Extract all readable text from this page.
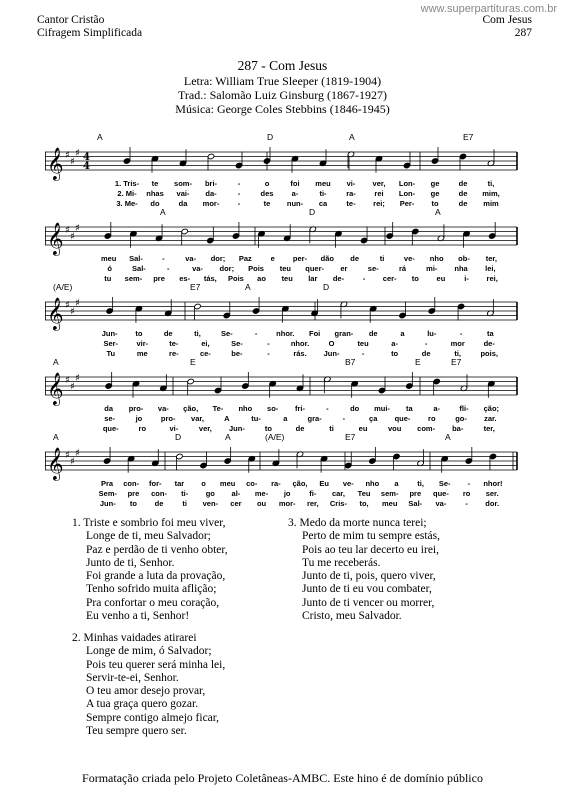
www.superpartituras.com.br
Cantor Cristão
Cifragem Simplificada
Com Jesus
287
287 - Com Jesus
Letra: William True Sleeper (1819-1904)
Trad.: Salomão Luiz Ginsburg (1867-1927)
Música: George Coles Stebbins (1846-1945)
A	D	A	E7
𝄞 ♯
♯
♯ 4
4
1. Tris- te som- bri-	-	o	foi meu vi- ver, Lon- ge	de	ti,
2. Mi- nhas vai- da-	-	des a-	ti-	ra- rei Lon- ge	de mim,
3. Me- do	da mor- -	te nun- ca	te- rei; Per- to	de mim
A	D	A
𝄞 ♯
♯
♯
meu Sal-	-	va- dor; Paz	e per- dão de	ti	ve- nho ob- ter,
ó	Sal-	-	va- dor; Pois teu quer- er	se-	rá	mi- nha lei,
tu sem- pre es- tás, Pois ao teu lar de-	- cer- to eu	i- rei,
(A/E)	E7	A	D
𝄞 ♯
♯
♯
Jun- to	de	ti,	Se-	-	nhor. Foi gran- de	a	lu-	-	ta
Ser- vir-	te-	ei,	Se-	-	nhor.	O	teu	a-	-	mor	de-
Tu	me	re-	ce-	be-	-	rás. Jun-	-	to	de	ti,	pois,
A	E	B7	E	E7
𝄞 ♯
♯
♯
da pro- va- ção, Te- nho so- fri-	-	do mui- ta	a-	fli- ção;
se-	jo pro- var,	A	tu-	a	gra-	-	ça que- ro	go- zar.
que-	ro	vi-	ver, Jun-	to	de	ti	eu	vou com- ba-	ter,
A	D	A	(A/E)	E7	A
𝄞 ♯
♯
♯
Pra con- for- tar o meu co- ra- ção, Eu ve- nho a ti, Se- - nhor!
Sem- pre con- ti- go al- me- jo fi- car, Teu sem- pre que- ro ser.
Jun- to de	ti ven- cer ou mor- rer, Cris- to, meu Sal- va-	- dor.

1. Triste e sombrio foi meu viver,

Longe de ti, meu Salvador;

Paz e perdão de ti venho obter,

Junto de ti, Senhor.

Foi grande a luta da provação,

Tenho sofrido muita aflição;

Pra confortar o meu coração,

Eu venho a ti, Senhor!

2. Minhas vaidades atirarei

Longe de mim, ó Salvador;

Pois teu querer será minha lei,

Servir-te-ei, Senhor.

O teu amor desejo provar,

A tua graça quero gozar.

Sempre contigo almejo ficar,

Teu sempre quero ser.

3. Medo da morte nunca terei;

Perto de mim tu sempre estás,

Pois ao teu lar decerto eu irei,

Tu me receberás.

Junto de ti, pois, quero viver,

Junto de ti eu vou combater,

Junto de ti vencer ou morrer,

Cristo, meu Salvador.

Formatação criada pelo Projeto Coletâneas-AMBC. Este hino é de domínio público
